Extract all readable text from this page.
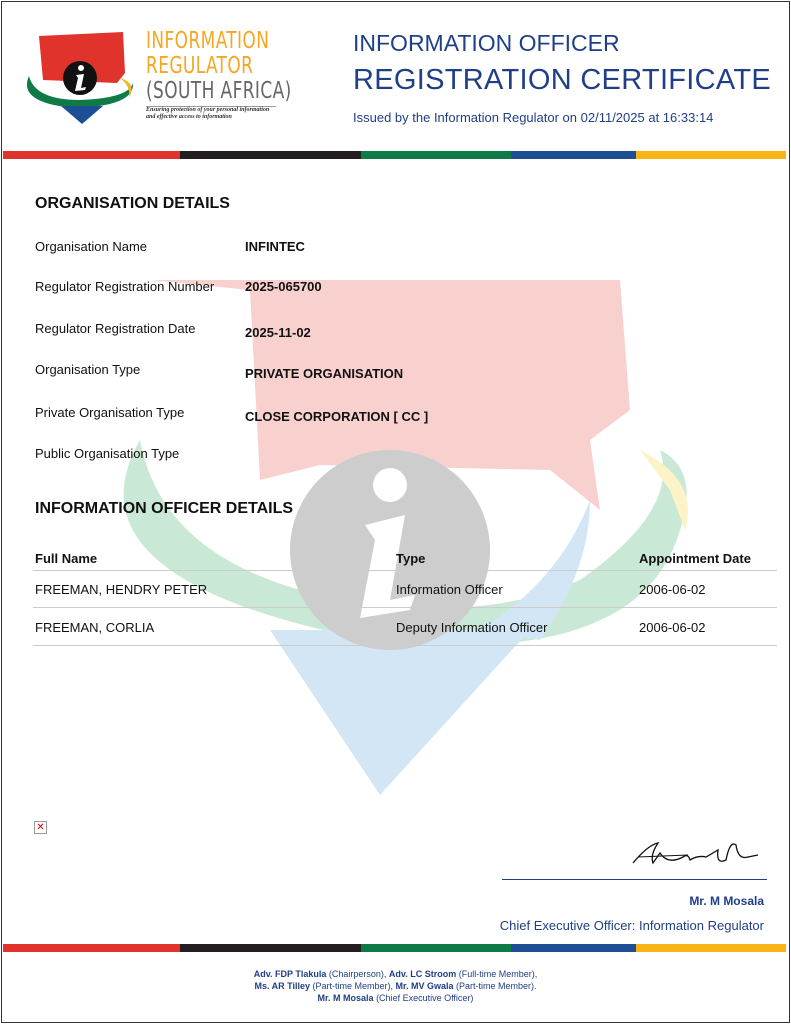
INFORMATION
REGULATOR
(SOUTH AFRICA)
Ensuring protection of your personal information
and effective access to information
INFORMATION OFFICER
REGISTRATION CERTIFICATE
Issued by the Information Regulator on 02/11/2025 at 16:33:14
ORGANISATION DETAILS
Organisation Name	INFINTEC
Regulator Registration Number 2025-065700
Regulator Registration Date	2025-11-02
Organisation Type	PRIVATE ORGANISATION
Private Organisation Type	CLOSE CORPORATION [ CC ]
Public Organisation Type
INFORMATION OFFICER DETAILS
Full Name	Type	Appointment Date
FREEMAN, HENDRY PETER	Information Officer	2006-06-02
FREEMAN, CORLIA	Deputy Information Officer	2006-06-02
✕
Mr. M Mosala
Chief Executive Officer: Information Regulator
Adv. FDP Tlakula (Chairperson), Adv. LC Stroom (Full-time Member),
Ms. AR Tilley (Part-time Member), Mr. MV Gwala (Part-time Member).
Mr. M Mosala (Chief Executive Officer)
